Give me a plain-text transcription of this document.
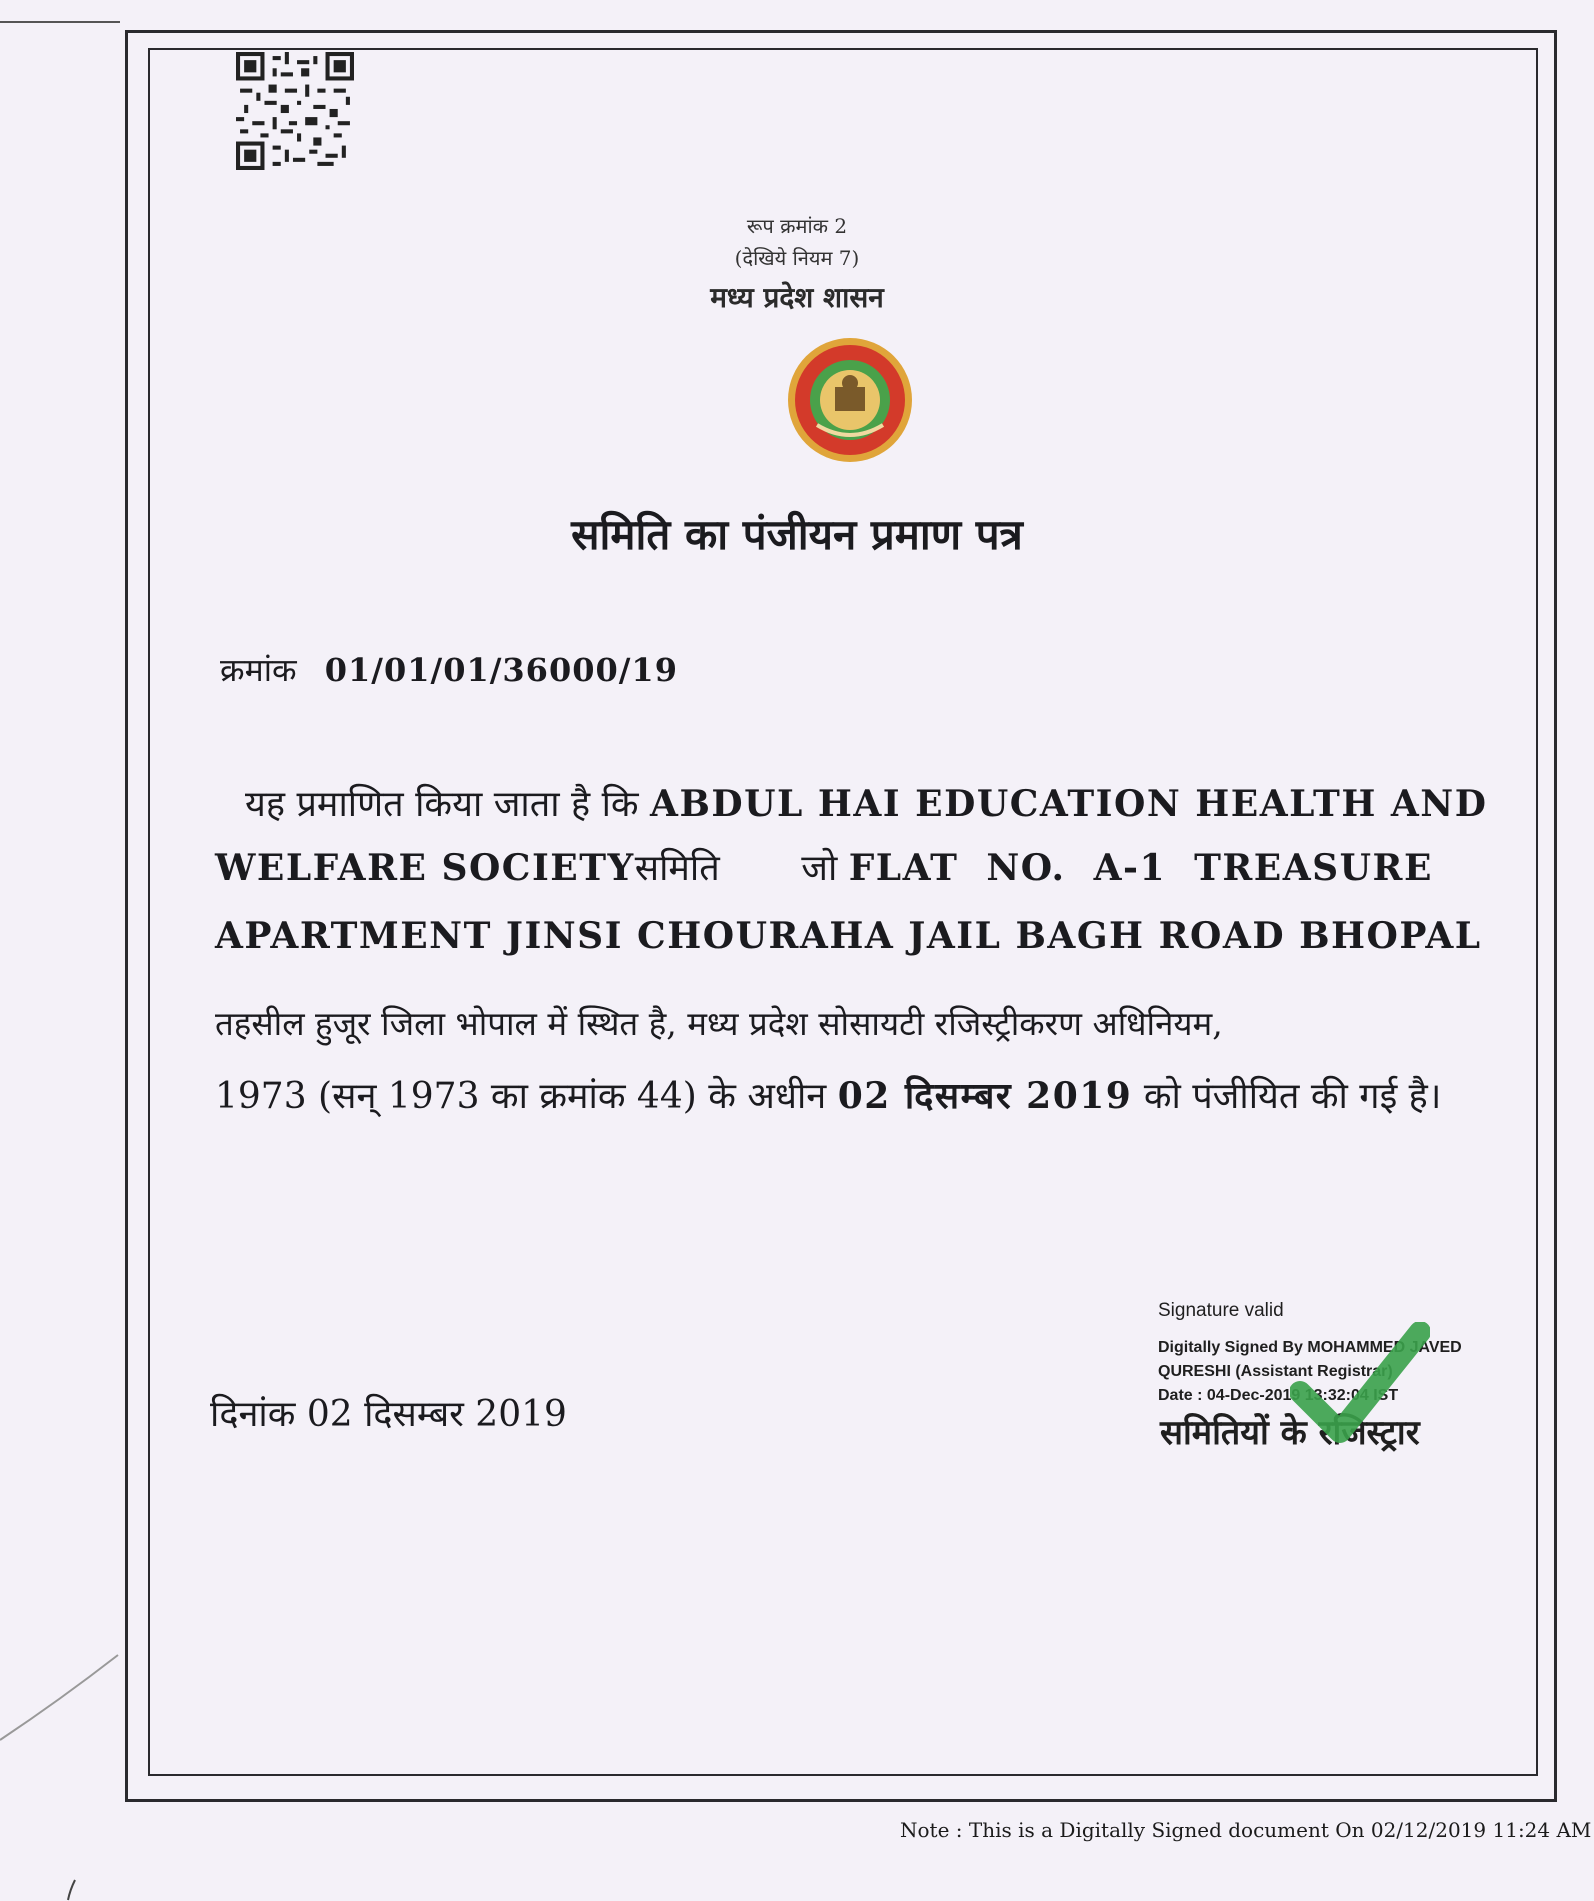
रूप क्रमांक 2
(देखिये नियम 7)
मध्य प्रदेश शासन
समिति का पंजीयन प्रमाण पत्र
क्रमांक 01/01/01/36000/19
यह प्रमाणित किया जाता है कि ABDUL HAI EDUCATION HEALTH AND
WELFARE SOCIETYसमिति जो FLAT NO. A-1 TREASURE
APARTMENT JINSI CHOURAHA JAIL BAGH ROAD BHOPAL
तहसील हुजूर जिला भोपाल में स्थित है, मध्य प्रदेश सोसायटी रजिस्ट्रीकरण अधिनियम,
1973 (सन् 1973 का क्रमांक 44) के अधीन 02 दिसम्बर 2019 को पंजीयित की गई है।
Signature valid
Digitally Signed By MOHAMMED JAVED
QURESHI (Assistant Registrar)
Date : 04-Dec-2019 13:32:04 IST
समितियों के रजिस्ट्रार
दिनांक 02 दिसम्बर 2019
Note : This is a Digitally Signed document On 02/12/2019 11:24 AM
